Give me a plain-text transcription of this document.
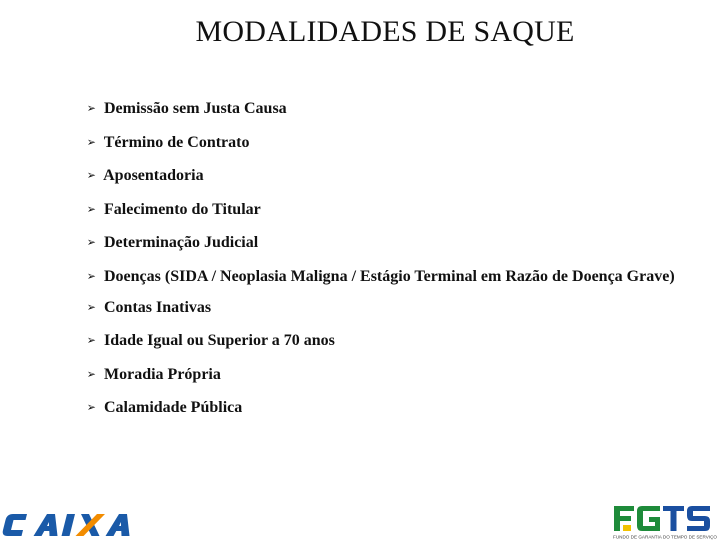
MODALIDADES DE SAQUE
➢ Demissão sem Justa Causa
➢ Término de Contrato
➢ Aposentadoria
➢ Falecimento do Titular
➢ Determinação Judicial
➢ Doenças (SIDA / Neoplasia Maligna / Estágio Terminal em Razão de Doença Grave)
➢ Contas Inativas
➢ Idade Igual ou Superior a 70 anos
➢ Moradia Própria
➢ Calamidade Pública
FUNDO DE GARANTIA DO TEMPO DE SERVIÇO
